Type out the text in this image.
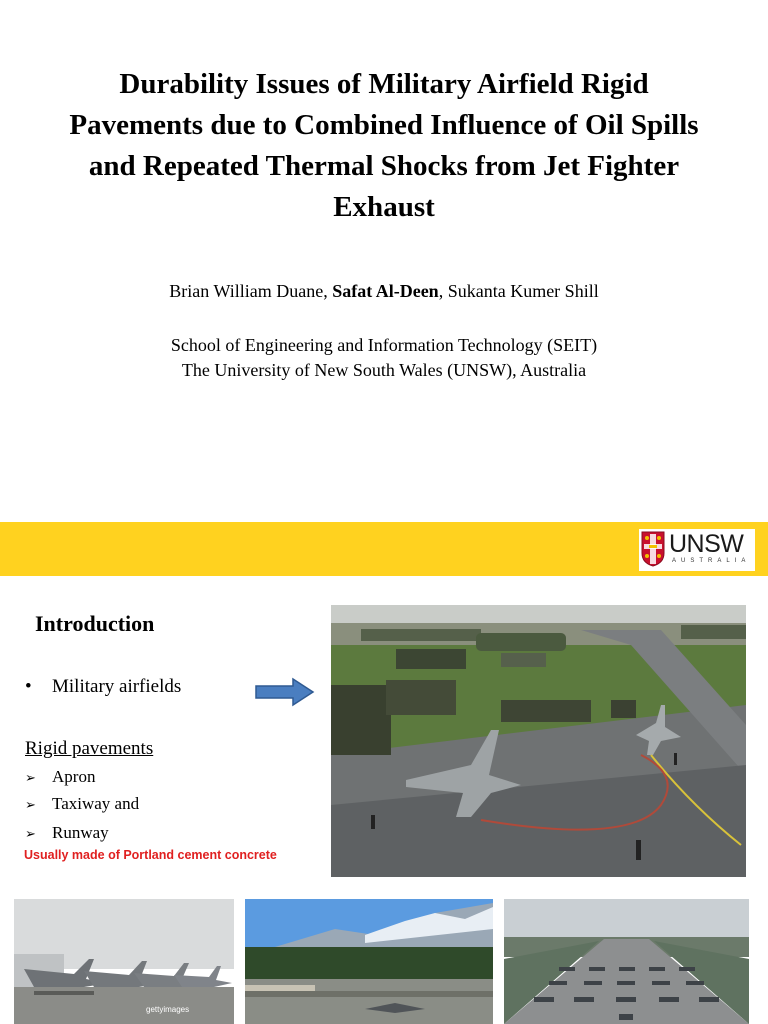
Durability Issues of Military Airfield Rigid Pavements due to Combined Influence of Oil Spills and Repeated Thermal Shocks from Jet Fighter Exhaust
Brian William Duane, Safat Al-Deen, Sukanta Kumer Shill
School of Engineering and Information Technology (SEIT)
The University of New South Wales (UNSW), Australia
UNSW
AUSTRALIA
Introduction
• Military airfields
Rigid pavements
➢ Apron
➢ Taxiway and
➢ Runway
Usually made of Portland cement concrete
gettyimages
